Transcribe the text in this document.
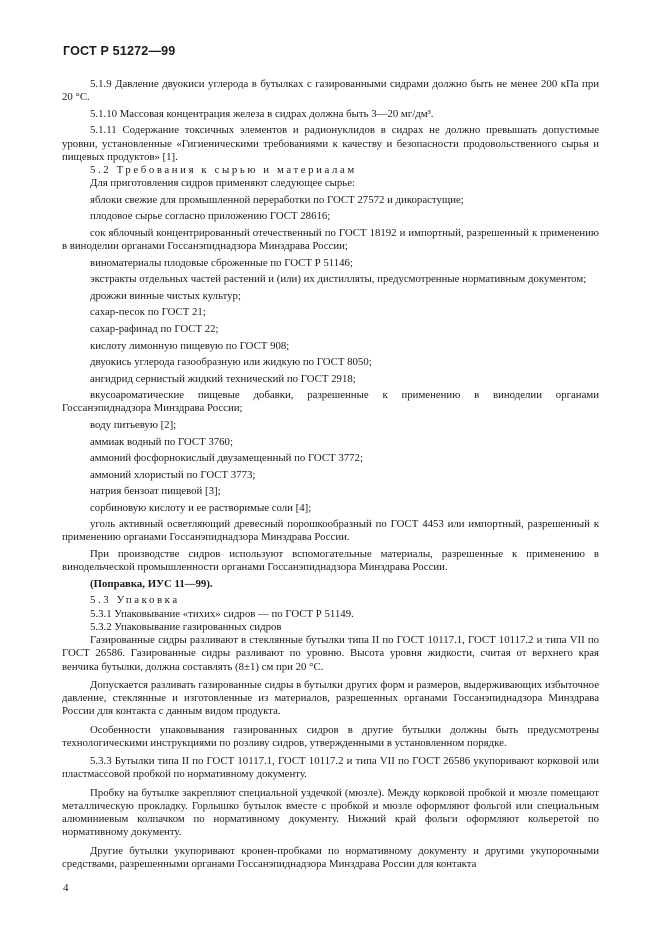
ГОСТ Р 51272—99

5.1.9 Давление двуокиси углерода в бутылках с газированными сидрами должно быть не менее 200 кПа при 20 °С.

5.1.10 Массовая концентрация железа в сидрах должна быть 3—20 мг/дм³.

5.1.11 Содержание токсичных элементов и радионуклидов в сидрах не должно превышать допустимые уровни, установленные «Гигиеническими требованиями к качеству и безопасности продовольственного сырья и пищевых продуктов» [1].

5.2 Требования к сырью и материалам

Для приготовления сидров применяют следующее сырье:

яблоки свежие для промышленной переработки по ГОСТ 27572 и дикорастущие;

плодовое сырье согласно приложению ГОСТ 28616;

сок яблочный концентрированный отечественный по ГОСТ 18192 и импортный, разрешенный к применению в виноделии органами Госсанэпиднадзора Минздрава России;

виноматериалы плодовые сброженные по ГОСТ Р 51146;

экстракты отдельных частей растений и (или) их дистилляты, предусмотренные нормативным документом;

дрожжи винные чистых культур;

сахар-песок по ГОСТ 21;

сахар-рафинад по ГОСТ 22;

кислоту лимонную пищевую по ГОСТ 908;

двуокись углерода газообразную или жидкую по ГОСТ 8050;

ангидрид сернистый жидкий технический по ГОСТ 2918;

вкусоароматические пищевые добавки, разрешенные к применению в виноделии органами Госсанэпиднадзора Минздрава России;

воду питьевую [2];

аммиак водный по ГОСТ 3760;

аммоний фосфорнокислый двузамещенный по ГОСТ 3772;

аммоний хлористый по ГОСТ 3773;

натрия бензоат пищевой [3];

сорбиновую кислоту и ее растворимые соли [4];

уголь активный осветляющий древесный порошкообразный по ГОСТ 4453 или импортный, разрешенный к применению органами Госсанэпиднадзора Минздрава России.

При производстве сидров используют вспомогательные материалы, разрешенные к применению в винодельческой промышленности органами Госсанэпиднадзора Минздрава России.

(Поправка, ИУС 11—99).

5.3 Упаковка

5.3.1 Упаковывание «тихих» сидров — по ГОСТ Р 51149.

5.3.2 Упаковывание газированных сидров

Газированные сидры разливают в стеклянные бутылки типа II по ГОСТ 10117.1, ГОСТ 10117.2 и типа VII по ГОСТ 26586. Газированные сидры разливают по уровню. Высота уровня жидкости, считая от верхнего края венчика бутылки, должна составлять (8±1) см при 20 °С.

Допускается разливать газированные сидры в бутылки других форм и размеров, выдерживающих избыточное давление, стеклянные и изготовленные из материалов, разрешенных органами Госсанэпиднадзора Минздрава России для контакта с данным видом продукта.

Особенности упаковывания газированных сидров в другие бутылки должны быть предусмотрены технологическими инструкциями по розливу сидров, утвержденными в установленном порядке.

5.3.3 Бутылки типа II по ГОСТ 10117.1, ГОСТ 10117.2 и типа VII по ГОСТ 26586 укупоривают корковой или пластмассовой пробкой по нормативному документу.

Пробку на бутылке закрепляют специальной уздечкой (мюзле). Между корковой пробкой и мюзле помещают металлическую прокладку. Горлышко бутылок вместе с пробкой и мюзле оформляют фольгой или специальным алюминиевым колпачком по нормативному документу. Нижний край фольги оформляют кольеретой по нормативному документу.

Другие бутылки укупоривают кронен-пробками по нормативному документу и другими укупорочными средствами, разрешенными органами Госсанэпиднадзора Минздрава России для контакта

4
